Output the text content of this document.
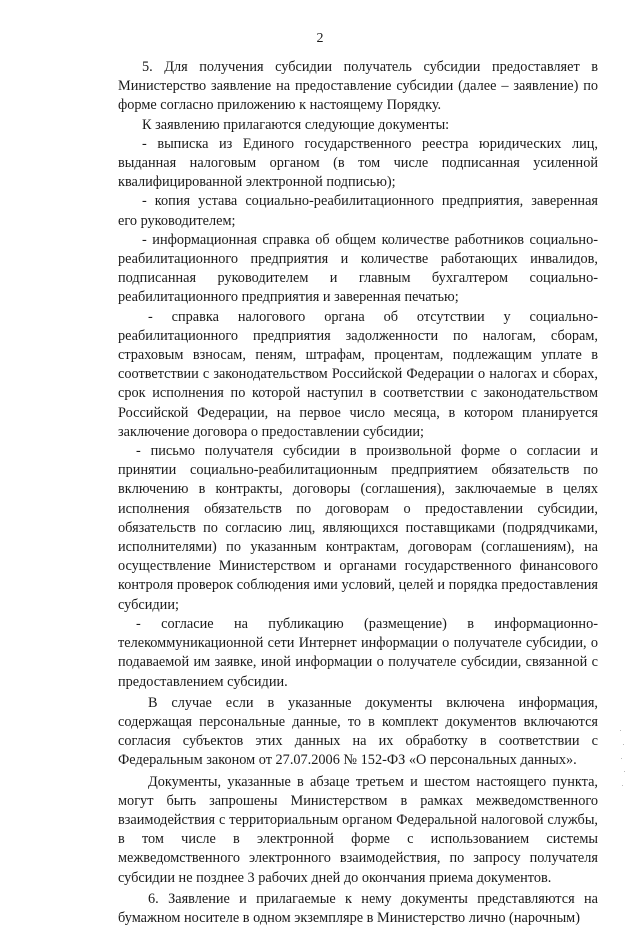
2

5. Для получения субсидии получатель субсидии предоставляет в Министерство заявление на предоставление субсидии (далее – заявление) по форме согласно приложению к настоящему Порядку.

К заявлению прилагаются следующие документы:

- выписка из Единого государственного реестра юридических лиц, выданная налоговым органом (в том числе подписанная усиленной квалифицированной электронной подписью);

- копия устава социально-реабилитационного предприятия, заверенная его руководителем;

- информационная справка об общем количестве работников социально-реабилитационного предприятия и количестве работающих инвалидов, подписанная руководителем и главным бухгалтером социально-реабилитационного предприятия и заверенная печатью;

- справка налогового органа об отсутствии у социально-реабилитационного предприятия задолженности по налогам, сборам, страховым взносам, пеням, штрафам, процентам, подлежащим уплате в соответствии с законодательством Российской Федерации о налогах и сборах, срок исполнения по которой наступил в соответствии с законодательством Российской Федерации, на первое число месяца, в котором планируется заключение договора о предоставлении субсидии;

- письмо получателя субсидии в произвольной форме о согласии и принятии социально-реабилитационным предприятием обязательств по включению в контракты, договоры (соглашения), заключаемые в целях исполнения обязательств по договорам о предоставлении субсидии, обязательств по согласию лиц, являющихся поставщиками (подрядчиками, исполнителями) по указанным контрактам, договорам (соглашениям), на осуществление Министерством и органами государственного финансового контроля проверок соблюдения ими условий, целей и порядка предоставления субсидии;

- согласие на публикацию (размещение) в информационно-телекоммуникационной сети Интернет информации о получателе субсидии, о подаваемой им заявке, иной информации о получателе субсидии, связанной с предоставлением субсидии.

В случае если в указанные документы включена информация, содержащая персональные данные, то в комплект документов включаются согласия субъектов этих данных на их обработку в соответствии с Федеральным законом от 27.07.2006 № 152-ФЗ «О персональных данных».

Документы, указанные в абзаце третьем и шестом настоящего пункта, могут быть запрошены Министерством в рамках межведомственного взаимодействия с территориальным органом Федеральной налоговой службы, в том числе в электронной форме с использованием системы межведомственного электронного взаимодействия, по запросу получателя субсидии не позднее 3 рабочих дней до окончания приема документов.

6. Заявление и прилагаемые к нему документы представляются на бумажном носителе в одном экземпляре в Министерство лично (нарочным)
